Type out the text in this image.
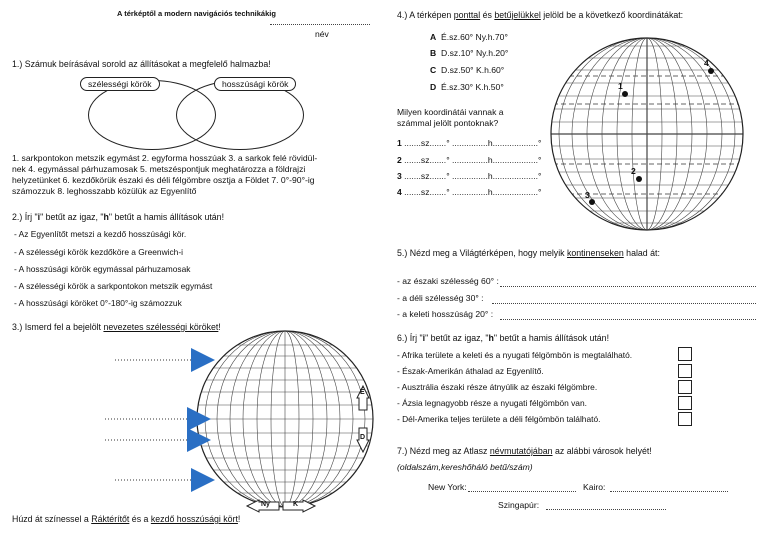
A térképtől a modern navigációs technikákig
név
1.) Számuk beírásával sorold az állításokat a megfelelő halmazba!
szélességi körök	hosszúsági körök
1. sarkpontokon metszik egymást 2. egyforma hosszúak 3. a sarkok felé rövidül-
nek 4. egymással párhuzamosak 5. metszéspontjuk meghatározza a földrajzi
helyzetünket 6. kezdőkörük északi és déli félgömbre osztja a Földet 7. 0°-90°-ig
számozzuk 8. leghosszabb közülük az Egyenlítő
2.) Írj "i" betűt az igaz, "h" betűt a hamis állítások után!
- Az Egyenlítőt metszi a kezdő hosszúsági kör.
- A szélességi körök kezdőköre a Greenwich-i
- A hosszúsági körök egymással párhuzamosak
- A szélességi körök a sarkpontokon metszik egymást
- A hosszúsági köröket 0°-180°-ig számozzuk
3.) Ismerd fel a bejelölt nevezetes szélességi köröket!
É
D
Ny	K
Húzd át színessel a Ráktérítőt és a kezdő hosszúsági kört!
4.) A térképen ponttal és betűjelükkel jelöld be a következő koordinátákat:
A É.sz.60° Ny.h.70°
B D.sz.10° Ny.h.20°
C D.sz.50° K.h.60°
D É.sz.30° K.h.50°
Milyen koordinátái vannak a
számmal jelölt pontoknak?
1 .......sz.......° ...............h...................°
2 .......sz.......° ...............h...................°
3 .......sz.......° ...............h...................°
4 .......sz.......° ...............h...................°
1
2
3
4
5.) Nézd meg a Világtérképen, hogy melyik kontinenseken halad át:
- az északi szélesség 60° :
- a déli szélesség 30° :
- a keleti hosszúság 20° :
6.) Írj "i" betűt az igaz, "h" betűt a hamis állítások után!
- Afrika területe a keleti és a nyugati félgömbön is megtalálható.
- Észak-Amerikán áthalad az Egyenlítő.
- Ausztrália északi része átnyúlik az északi félgömbre.
- Ázsia legnagyobb része a nyugati félgömbön van.
- Dél-Amerika teljes területe a déli félgömbön található.
7.) Nézd meg az Atlasz névmutatójában az alábbi városok helyét!
(oldalszám,kereshőháló betű/szám)
New York:	Kairo:
Szingapúr:
